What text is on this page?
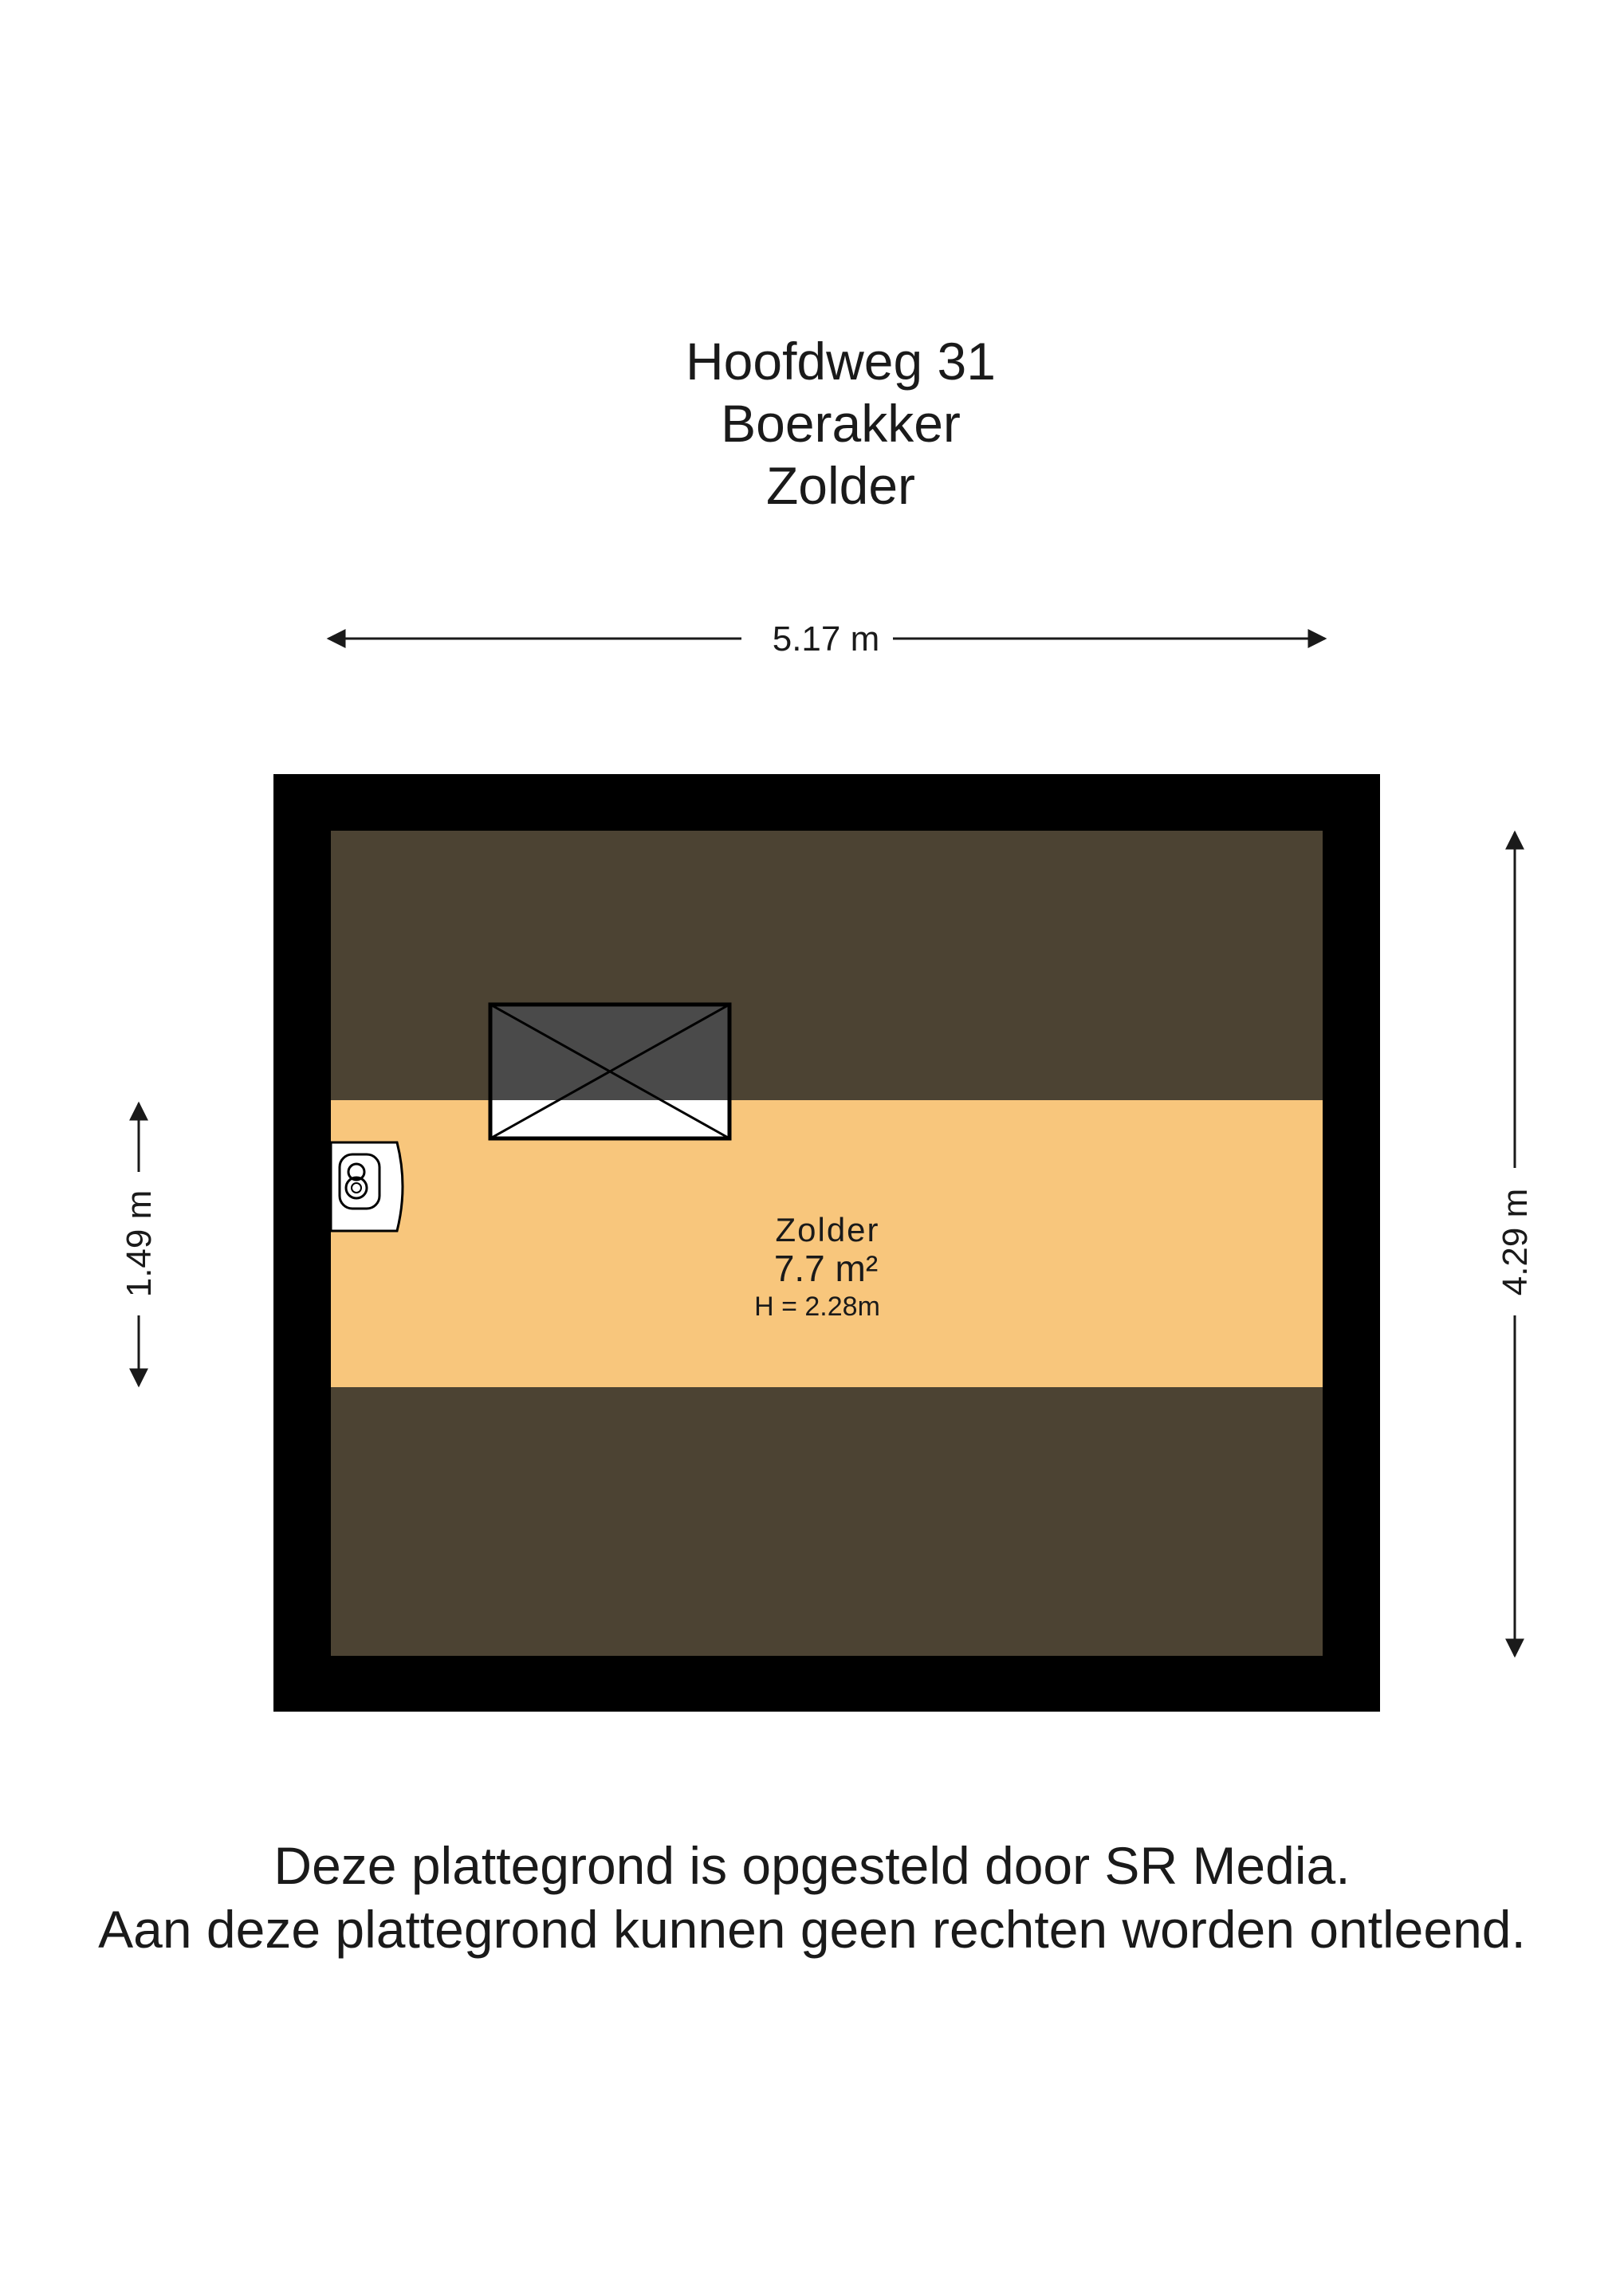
Hoofdweg 31
Boerakker
Zolder
5.17 m
Zolder
7.7 m²
H = 2.28m
1.49 m	4.29 m
Deze plattegrond is opgesteld door SR Media.
Aan deze plattegrond kunnen geen rechten worden ontleend.
